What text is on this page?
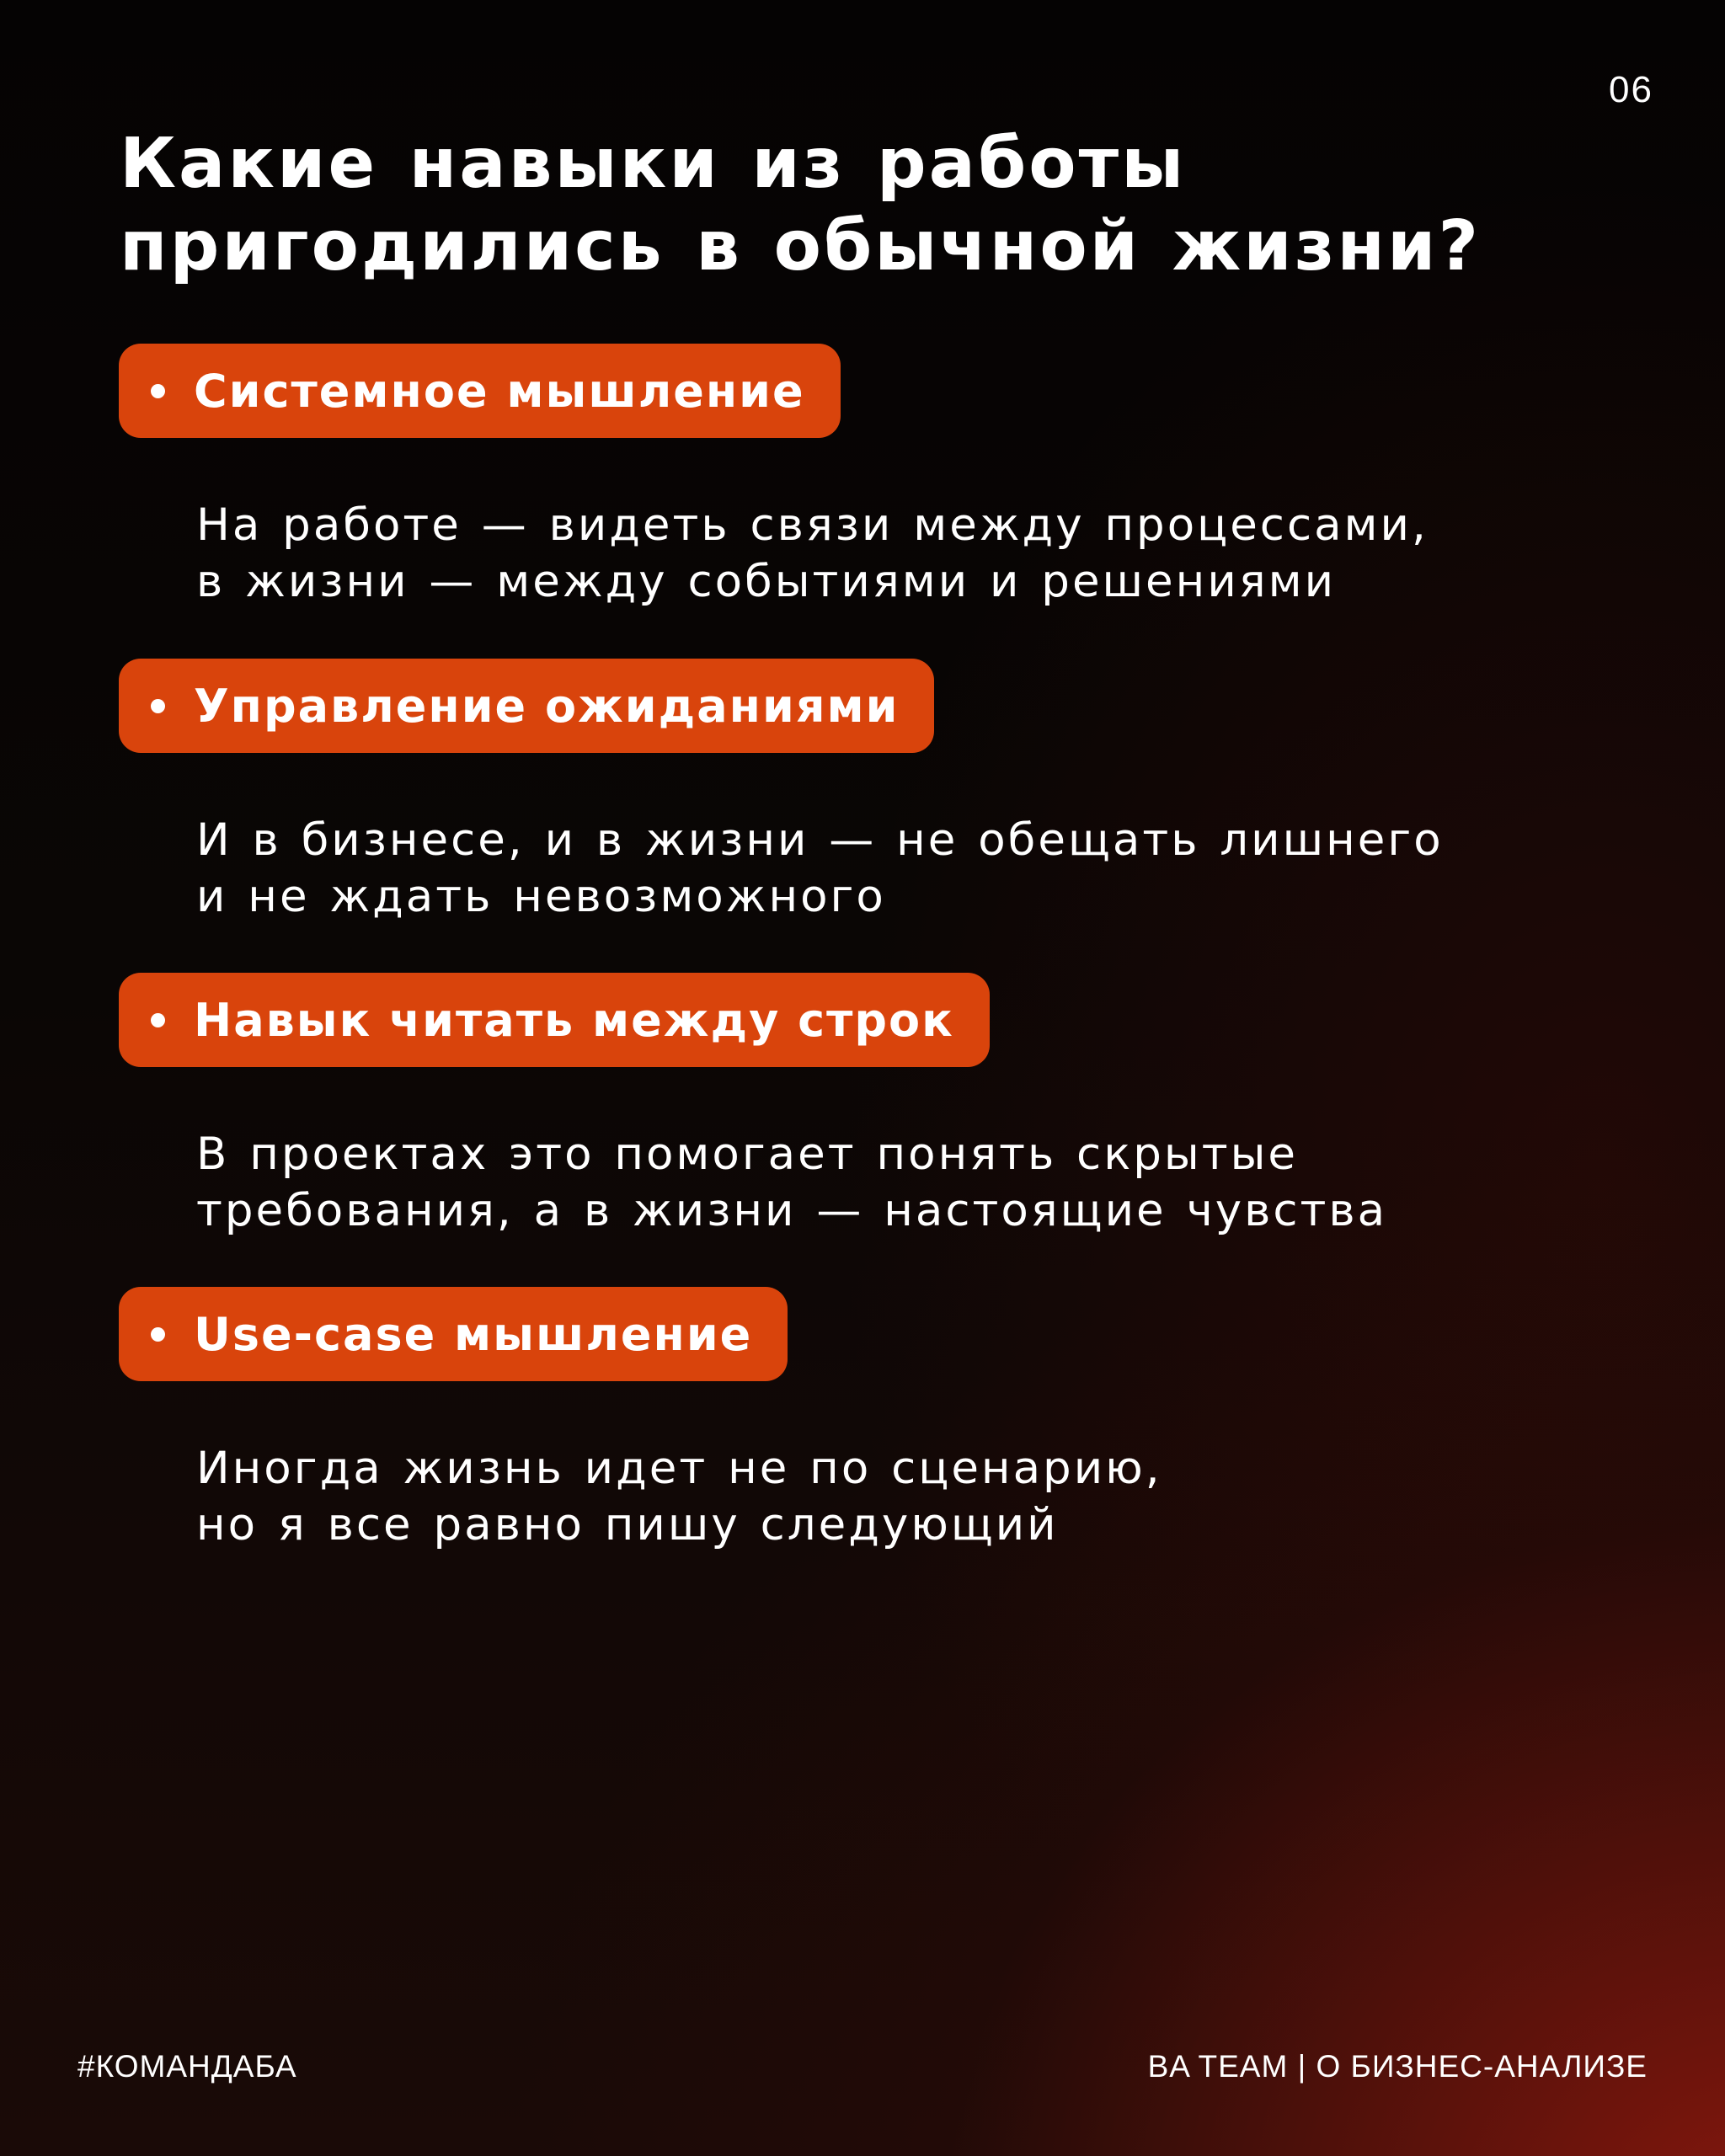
06
Какие навыки из работы
пригодились в обычной жизни?
Системное мышление

На работе — видеть связи между процессами,
в жизни — между событиями и решениями

Управление ожиданиями

И в бизнесе, и в жизни — не обещать лишнего
и не ждать невозможного

Навык читать между строк

В проектах это помогает понять скрытые
требования, а в жизни — настоящие чувства

Use-case мышление

Иногда жизнь идет не по сценарию,
но я все равно пишу следующий

#КОМАНДАБА	BA TEAM | О БИЗНЕС-АНАЛИЗЕ
